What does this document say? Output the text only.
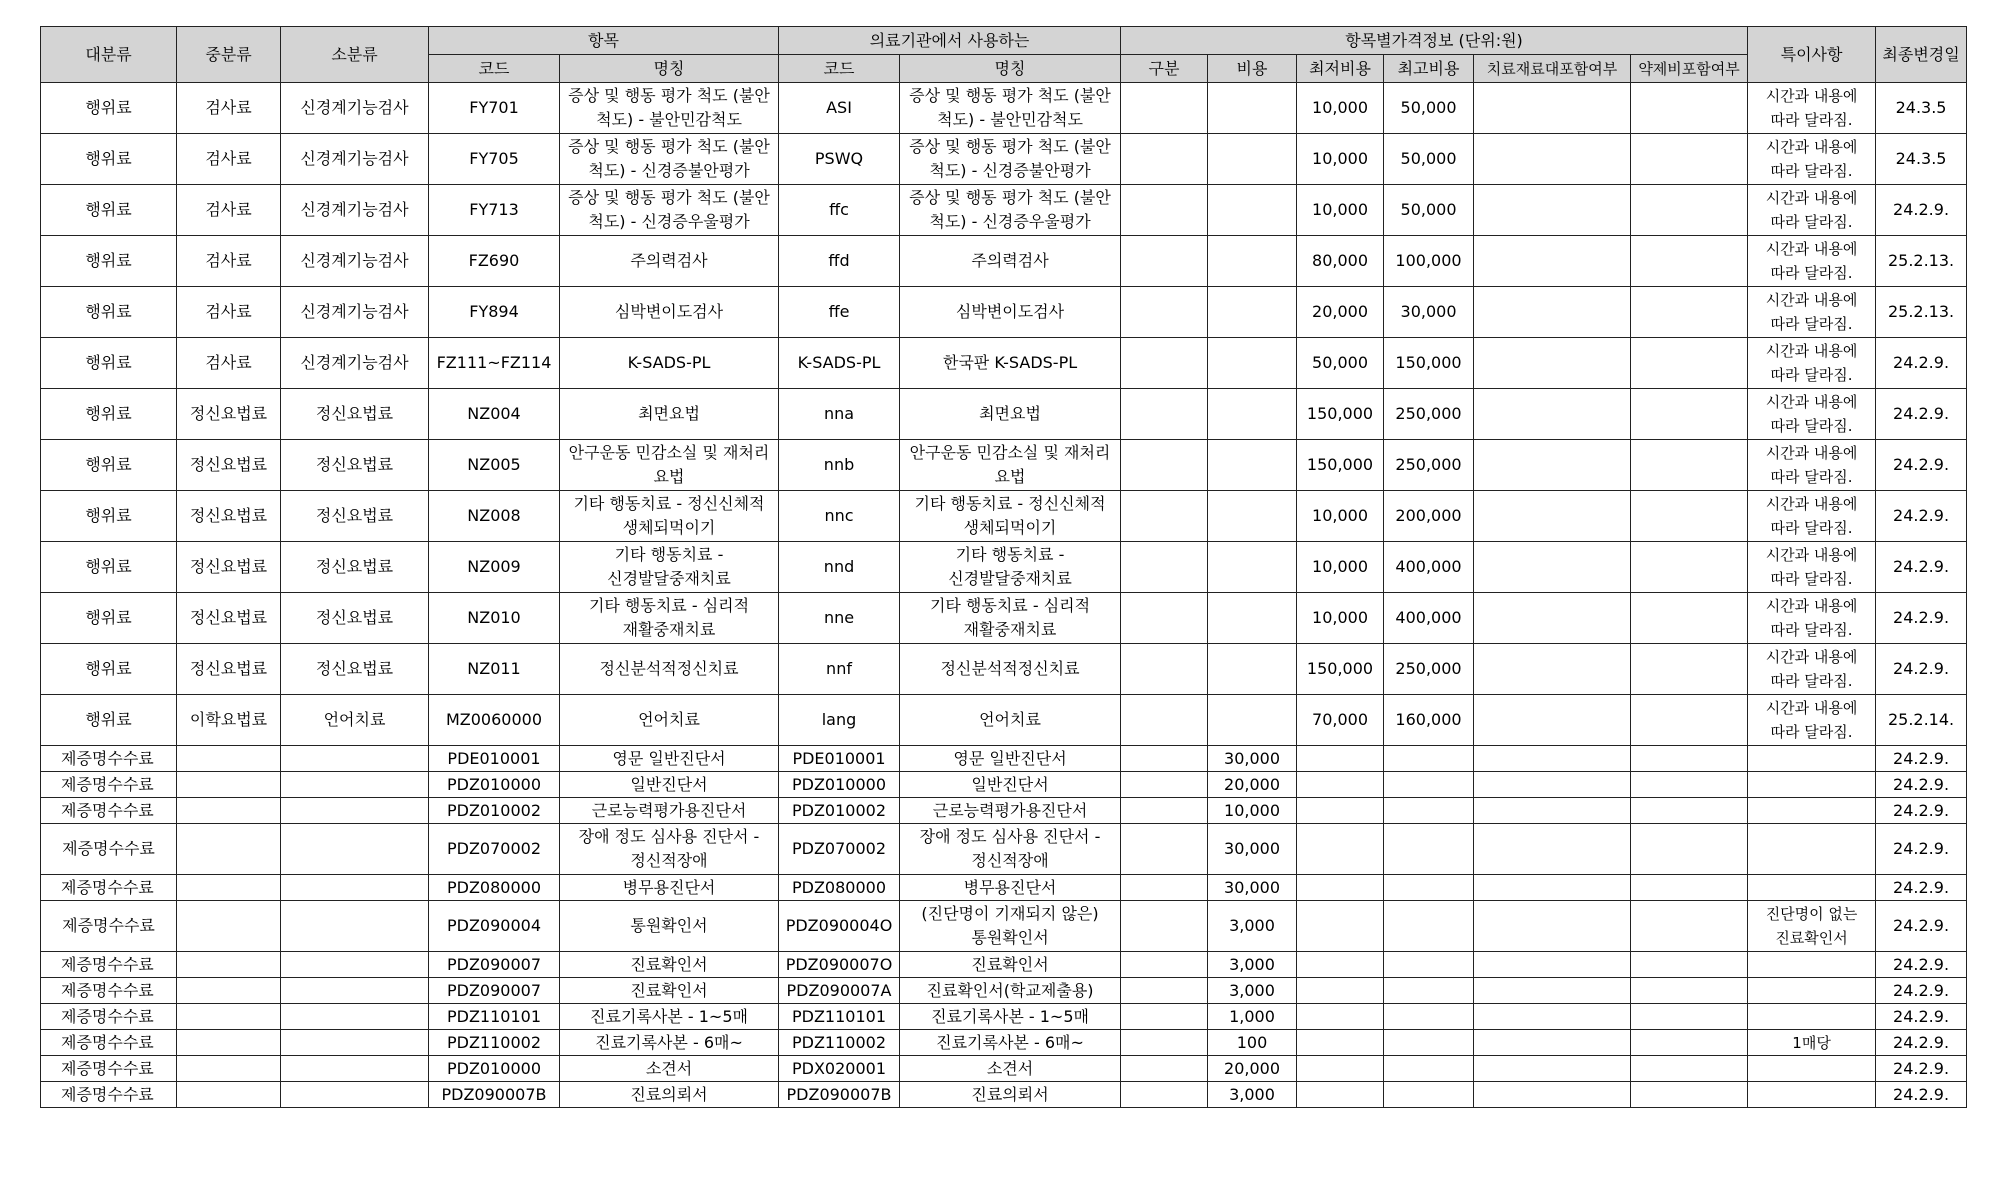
대분류	중분류	소분류	항목		의료기관에서 사용하는		항목별가격정보 (단위:원)						특이사항	최종변경일
			코드	명칭	코드	명칭	구분	비용	최저비용	최고비용	치료재료대포함여부	약제비포함여부		
행위료	검사료	신경계기능검사	FY701	증상 및 행동 평가 척도 (불안 척도) - 불안민감척도	ASI	증상 및 행동 평가 척도 (불안 척도) - 불안민감척도			10,000	50,000			시간과 내용에 따라 달라짐.	24.3.5
행위료	검사료	신경계기능검사	FY705	증상 및 행동 평가 척도 (불안 척도) - 신경증불안평가	PSWQ	증상 및 행동 평가 척도 (불안 척도) - 신경증불안평가			10,000	50,000			시간과 내용에 따라 달라짐.	24.3.5
행위료	검사료	신경계기능검사	FY713	증상 및 행동 평가 척도 (불안 척도) - 신경증우울평가	ffc	증상 및 행동 평가 척도 (불안 척도) - 신경증우울평가			10,000	50,000			시간과 내용에 따라 달라짐.	24.2.9.
행위료	검사료	신경계기능검사	FZ690	주의력검사	ffd	주의력검사			80,000	100,000			시간과 내용에 따라 달라짐.	25.2.13.
행위료	검사료	신경계기능검사	FY894	심박변이도검사	ffe	심박변이도검사			20,000	30,000			시간과 내용에 따라 달라짐.	25.2.13.
행위료	검사료	신경계기능검사	FZ111~FZ114	K-SADS-PL	K-SADS-PL	한국판 K-SADS-PL			50,000	150,000			시간과 내용에 따라 달라짐.	24.2.9.
행위료	정신요법료	정신요법료	NZ004	최면요법	nna	최면요법			150,000	250,000			시간과 내용에 따라 달라짐.	24.2.9.
행위료	정신요법료	정신요법료	NZ005	안구운동 민감소실 및 재처리 요법	nnb	안구운동 민감소실 및 재처리 요법			150,000	250,000			시간과 내용에 따라 달라짐.	24.2.9.
행위료	정신요법료	정신요법료	NZ008	기타 행동치료 - 정신신체적 생체되먹이기	nnc	기타 행동치료 - 정신신체적 생체되먹이기			10,000	200,000			시간과 내용에 따라 달라짐.	24.2.9.
행위료	정신요법료	정신요법료	NZ009	기타 행동치료 - 신경발달중재치료	nnd	기타 행동치료 - 신경발달중재치료			10,000	400,000			시간과 내용에 따라 달라짐.	24.2.9.
행위료	정신요법료	정신요법료	NZ010	기타 행동치료 - 심리적 재활중재치료	nne	기타 행동치료 - 심리적 재활중재치료			10,000	400,000			시간과 내용에 따라 달라짐.	24.2.9.
행위료	정신요법료	정신요법료	NZ011	정신분석적정신치료	nnf	정신분석적정신치료			150,000	250,000			시간과 내용에 따라 달라짐.	24.2.9.
행위료	이학요법료	언어치료	MZ0060000	언어치료	lang	언어치료			70,000	160,000			시간과 내용에 따라 달라짐.	25.2.14.
제증명수수료			PDE010001	영문 일반진단서	PDE010001	영문 일반진단서		30,000						24.2.9.
제증명수수료			PDZ010000	일반진단서	PDZ010000	일반진단서		20,000						24.2.9.
제증명수수료			PDZ010002	근로능력평가용진단서	PDZ010002	근로능력평가용진단서		10,000						24.2.9.
제증명수수료			PDZ070002	장애 정도 심사용 진단서 - 정신적장애	PDZ070002	장애 정도 심사용 진단서 - 정신적장애		30,000						24.2.9.
제증명수수료			PDZ080000	병무용진단서	PDZ080000	병무용진단서		30,000						24.2.9.
제증명수수료			PDZ090004	통원확인서	PDZ090004O	(진단명이 기재되지 않은) 통원확인서		3,000					진단명이 없는 진료확인서	24.2.9.
제증명수수료			PDZ090007	진료확인서	PDZ090007O	진료확인서		3,000						24.2.9.
제증명수수료			PDZ090007	진료확인서	PDZ090007A	진료확인서(학교제출용)		3,000						24.2.9.
제증명수수료			PDZ110101	진료기록사본 - 1~5매	PDZ110101	진료기록사본 - 1~5매		1,000						24.2.9.
제증명수수료			PDZ110002	진료기록사본 - 6매~	PDZ110002	진료기록사본 - 6매~		100					1매당	24.2.9.
제증명수수료			PDZ010000	소견서	PDX020001	소견서		20,000						24.2.9.
제증명수수료			PDZ090007B	진료의뢰서	PDZ090007B	진료의뢰서		3,000						24.2.9.
